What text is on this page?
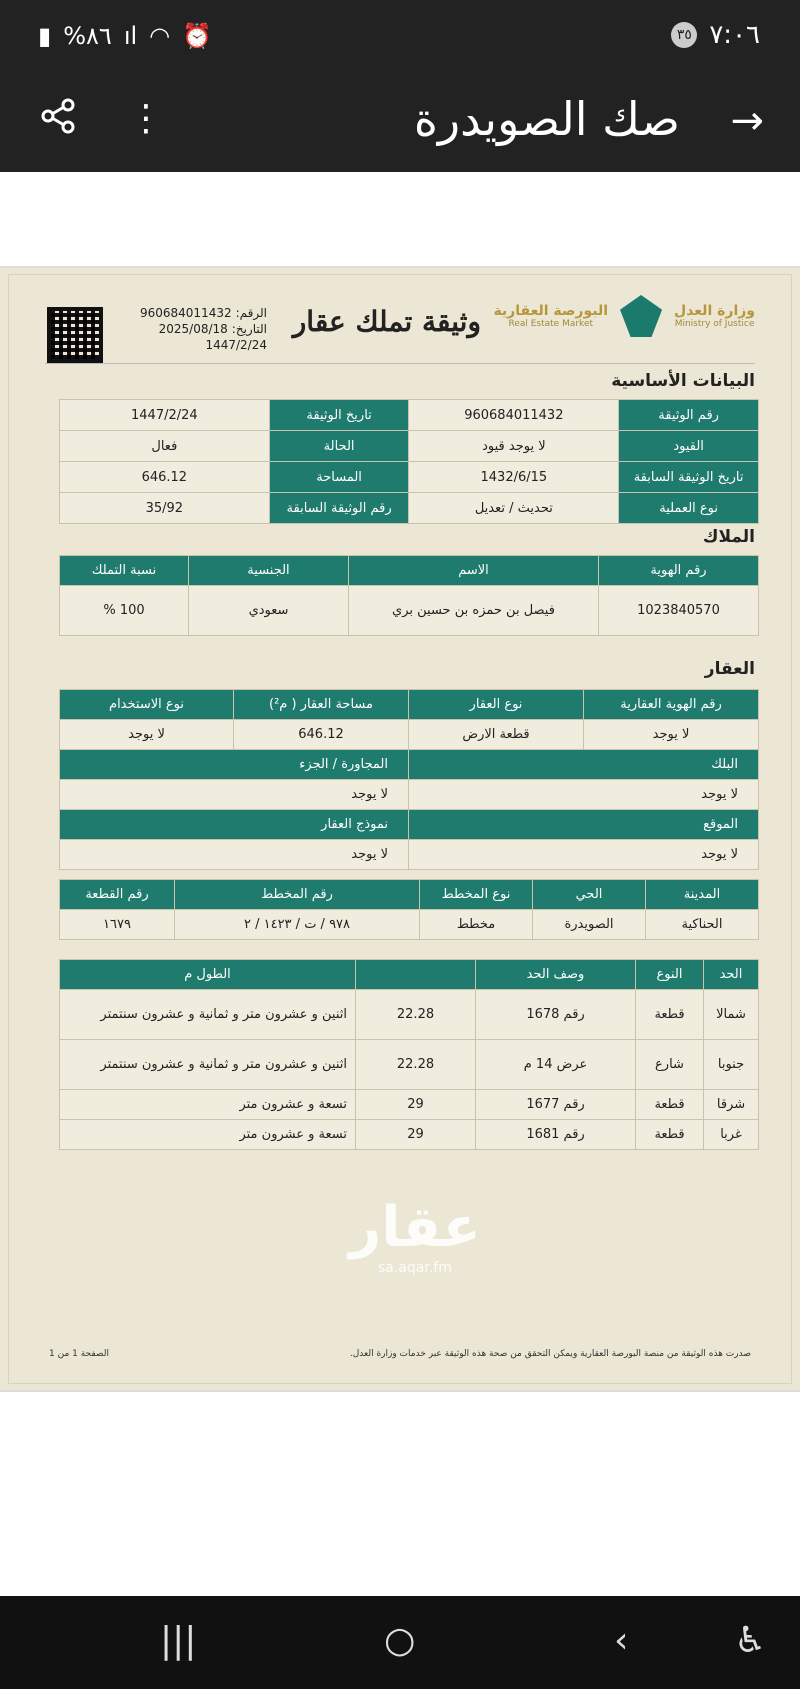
▮ %٨٦ ıl ◠ ⏰	٣٥ ٧:٠٦
→
صك الصويدرة
⋮
وزارة العدل
Ministry of Justice
البورصة العقارية
Real Estate Market
وثيقة تملك عقار
الرقم:
960684011432
التاريخ:
2025/08/18
1447/2/24
البيانات الأساسية
رقم الوثيقة	960684011432	تاريخ الوثيقة	1447/2/24
القيود	لا يوجد قيود	الحالة	فعال
تاريخ الوثيقة السابقة	1432/6/15	المساحة	646.12
نوع العملية	تحديث / تعديل	رقم الوثيقة السابقة	35/92
الملاك
رقم الهوية	الاسم	الجنسية	نسبة التملك
1023840570	فيصل بن حمزه بن حسين بري	سعودي	100 %
العقار
رقم الهوية العقارية	نوع العقار	مساحة العقار ( م²)	نوع الاستخدام
لا يوجد	قطعة الارض	646.12	لا يوجد
البلك		المجاورة / الجزء	
لا يوجد		لا يوجد	
الموقع		نموذج العقار	
لا يوجد		لا يوجد	
المدينة	الحي	نوع المخطط	رقم المخطط	رقم القطعة
الحناكية	الصويدرة	مخطط	٩٧٨ / ت / ١٤٢٣ / ٢	١٦٧٩
الحد	النوع	وصف الحد		الطول م
شمالا	قطعة	رقم 1678	22.28	اثنين و عشرون متر و ثمانية و عشرون سنتمتر
جنوبا	شارع	عرض 14 م	22.28	اثنين و عشرون متر و ثمانية و عشرون سنتمتر
شرقا	قطعة	رقم 1677	29	تسعة و عشرون متر
غربا	قطعة	رقم 1681	29	تسعة و عشرون متر
عقار
sa.aqar.fm
صدرت هذه الوثيقة من منصة البورصة العقارية ويمكن التحقق من صحة هذه الوثيقة عبر خدمات وزارة العدل.
الصفحة 1 من 1
|||	○	‹	♿
